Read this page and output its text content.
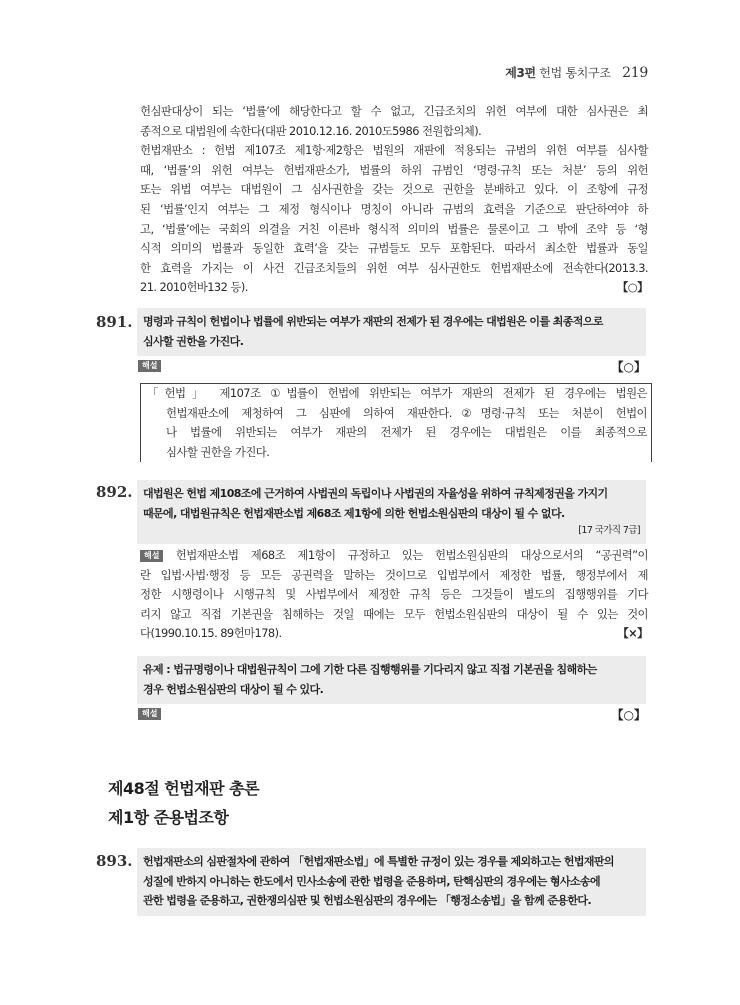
제3편 헌법 통치구조 219
헌심판대상이 되는 ‘법률’에 해당한다고 할 수 없고, 긴급조치의 위헌 여부에 대한 심사권은 최
종적으로 대법원에 속한다(대판 2010.12.16. 2010도5986 전원합의체).
헌법재판소 : 헌법 제107조 제1항·제2항은 법원의 재판에 적용되는 규범의 위헌 여부를 심사할
때, ‘법률’의 위헌 여부는 헌법재판소가, 법률의 하위 규범인 ‘명령·규칙 또는 처분’ 등의 위헌
또는 위법 여부는 대법원이 그 심사권한을 갖는 것으로 권한을 분배하고 있다. 이 조항에 규정
된 ‘법률’인지 여부는 그 제정 형식이나 명칭이 아니라 규범의 효력을 기준으로 판단하여야 하
고, ‘법률’에는 국회의 의결을 거친 이른바 형식적 의미의 법률은 물론이고 그 밖에 조약 등 ‘형
식적 의미의 법률과 동일한 효력’을 갖는 규범들도 모두 포함된다. 따라서 최소한 법률과 동일
한 효력을 가지는 이 사건 긴급조치들의 위헌 여부 심사권한도 헌법재판소에 전속한다(2013.3.
21. 2010헌바132 등).	【○】
891. 명령과 규칙이 헌법이나 법률에 위반되는 여부가 재판의 전제가 된 경우에는 대법원은 이를 최종적으로
심사할 권한을 가진다.
해설	【○】
「헌법」 제107조 ①법률이 헌법에 위반되는 여부가 재판의 전제가 된 경우에는 법원은
헌법재판소에 제청하여 그 심판에 의하여 재판한다.②명령·규칙 또는 처분이 헌법이
나 법률에 위반되는 여부가 재판의 전제가 된 경우에는 대법원은 이를 최종적으로
심사할 권한을 가진다.
892. 대법원은 헌법 제108조에 근거하여 사법권의 독립이나 사법권의 자율성을 위하여 규칙제정권을 가지기
때문에, 대법원규칙은 헌법재판소법 제68조 제1항에 의한 헌법소원심판의 대상이 될 수 없다.
[17 국가직 7급]
해설 헌법재판소법 제68조 제1항이 규정하고 있는 헌법소원심판의 대상으로서의 “공권력”이
란 입법·사법·행정 등 모든 공권력을 말하는 것이므로 입법부에서 제정한 법률, 행정부에서 제
정한 시행령이나 시행규칙 및 사법부에서 제정한 규칙 등은 그것들이 별도의 집행행위를 기다
리지 않고 직접 기본권을 침해하는 것일 때에는 모두 헌법소원심판의 대상이 될 수 있는 것이
다(1990.10.15. 89헌마178).	【×】
유제 : 법규명령이나 대법원규칙이 그에 기한 다른 집행행위를 기다리지 않고 직접 기본권을 침해하는
경우 헌법소원심판의 대상이 될 수 있다.
해설	【○】
제48절 헌법재판 총론
제1항 준용법조항
893. 헌법재판소의 심판절차에 관하여 「헌법재판소법」에 특별한 규정이 있는 경우를 제외하고는 헌법재판의
성질에 반하지 아니하는 한도에서 민사소송에 관한 법령을 준용하며, 탄핵심판의 경우에는 형사소송에
관한 법령을 준용하고, 권한쟁의심판 및 헌법소원심판의 경우에는 「행정소송법」을 함께 준용한다.
